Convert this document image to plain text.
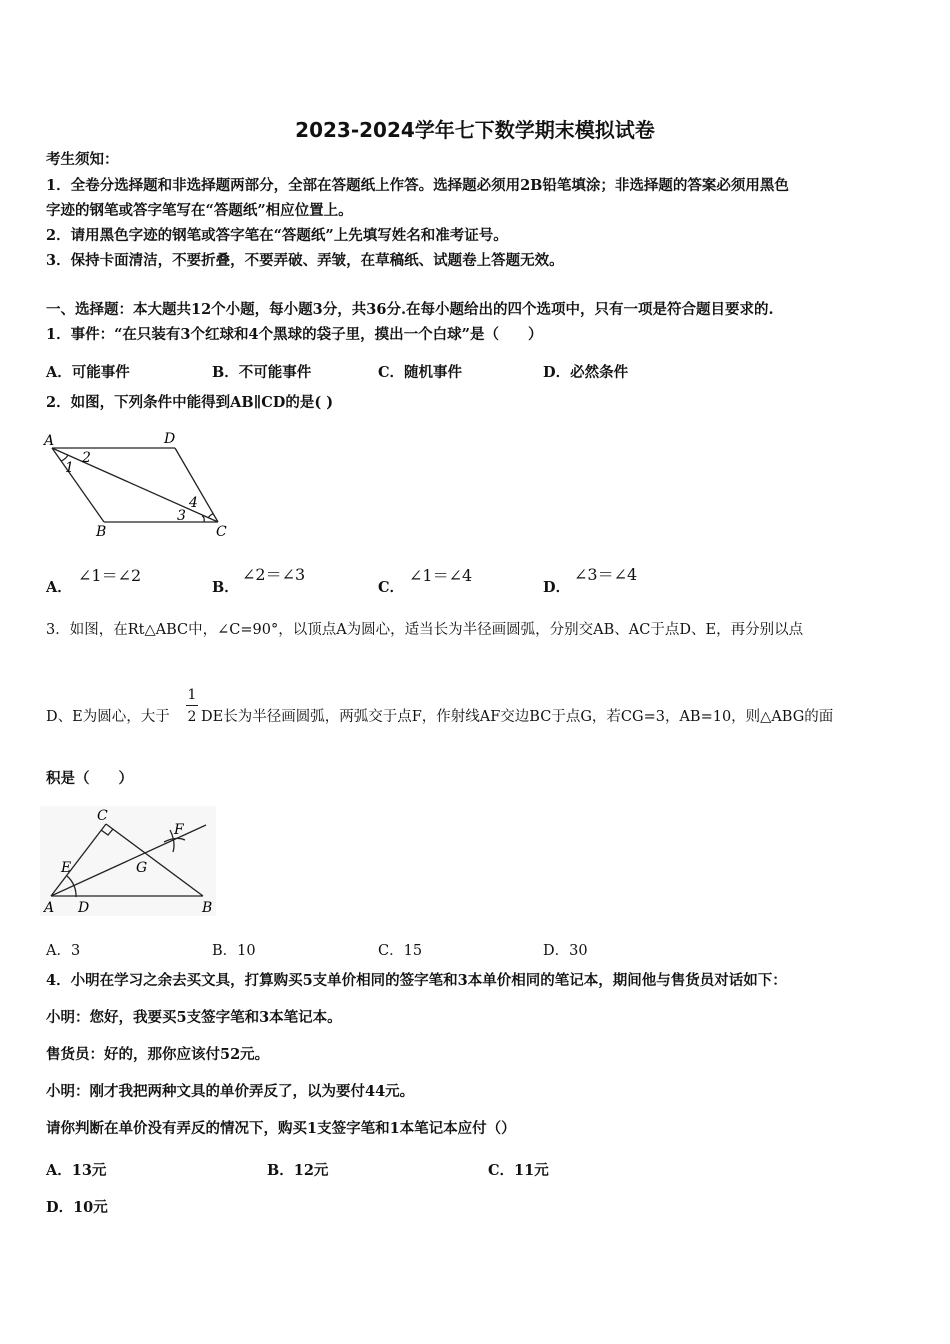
2023-2024学年七下数学期末模拟试卷
考生须知：
1．全卷分选择题和非选择题两部分，全部在答题纸上作答。选择题必须用2B铅笔填涂；非选择题的答案必须用黑色
字迹的钢笔或答字笔写在“答题纸”相应位置上。
2．请用黑色字迹的钢笔或答字笔在“答题纸”上先填写姓名和准考证号。
3．保持卡面清洁，不要折叠，不要弄破、弄皱，在草稿纸、试题卷上答题无效。
一、选择题：本大题共12个小题，每小题3分，共36分.在每小题给出的四个选项中，只有一项是符合题目要求的.
1．事件：“在只装有3个红球和4个黑球的袋子里，摸出一个白球”是（　　）
A．可能事件	B．不可能事件	C．随机事件	D．必然条件
2．如图，下列条件中能得到AB∥CD的是( )
A	D
B	C
1
2
3
4
A．
∠1＝∠2
B．
∠2＝∠3
C．
∠1＝∠4
D．
∠3＝∠4
3．如图，在Rt△ABC中，∠C=90°，以顶点A为圆心，适当长为半径画圆弧，分别交AB、AC于点D、E，再分别以点
D、E为圆心，大于
1
2 DE长为半径画圆弧，两弧交于点F，作射线AF交边BC于点G，若CG=3，AB=10，则△ABG的面
积是（　　）
C
E	G
F
A D	B
A．3	B．10	C．15	D．30
4．小明在学习之余去买文具，打算购买5支单价相同的签字笔和3本单价相同的笔记本，期间他与售货员对话如下：
小明：您好，我要买5支签字笔和3本笔记本。
售货员：好的，那你应该付52元。
小明：刚才我把两种文具的单价弄反了，以为要付44元。
请你判断在单价没有弄反的情况下，购买1支签字笔和1本笔记本应付（）
A．13元	B．12元	C．11元
D．10元
